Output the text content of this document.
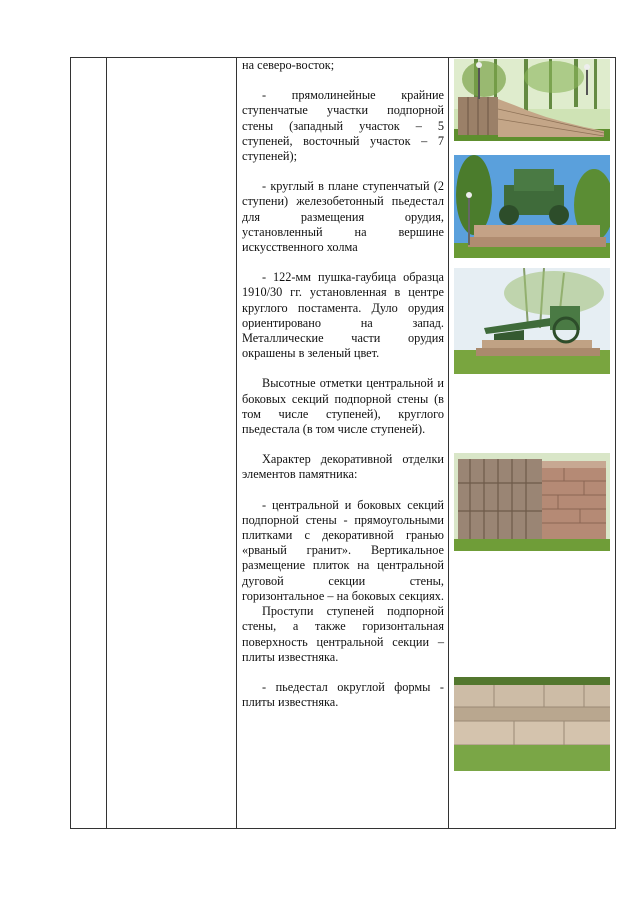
на северо-восток;

- прямолинейные крайние ступенчатые участки подпорной стены (западный участок – 5 ступеней, восточный участок – 7 ступеней);

- круглый в плане ступенчатый (2 ступени) железобетонный пьедестал для размещения орудия, установленный на вершине искусственного холма

- 122-мм пушка-гаубица образца 1910/30 гг. установленная в центре круглого постамента. Дуло орудия ориентировано на запад. Металлические части орудия окрашены в зеленый цвет.

Высотные отметки центральной и боковых секций подпорной стены (в том числе ступеней), круглого пьедестала (в том числе ступеней).

Характер декоративной отделки элементов памятника:

- центральной и боковых секций подпорной стены - прямоугольными плитками с декоративной гранью «рваный гранит». Вертикальное размещение плиток на центральной дуговой секции стены, горизонтальное – на боковых секциях.

Проступи ступеней подпорной стены, а также горизонтальная поверхность центральной секции – плиты известняка.

- пьедестал округлой формы - плиты известняка.
